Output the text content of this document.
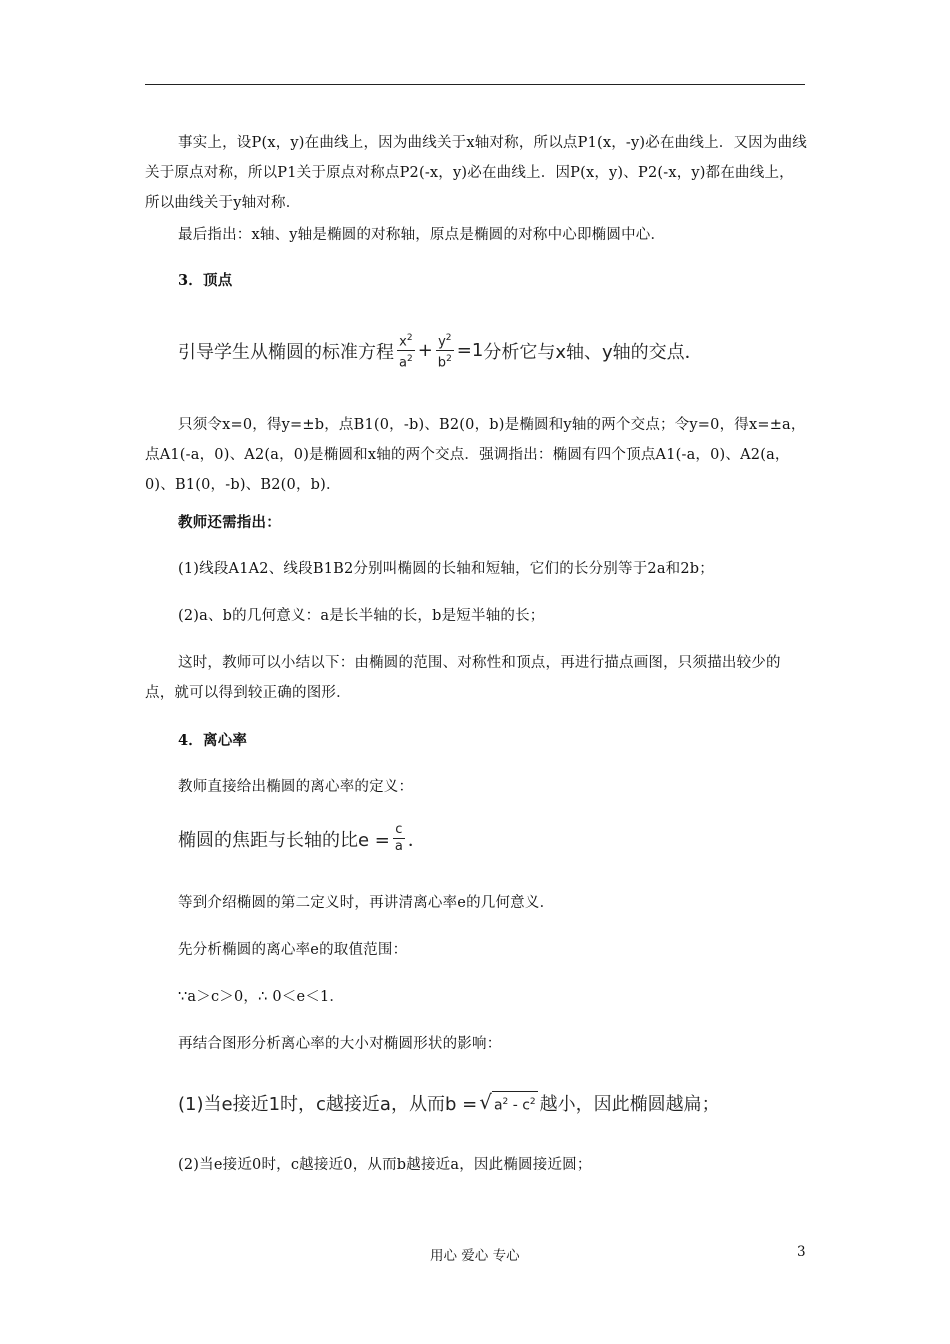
事实上，设P(x，y)在曲线上，因为曲线关于x轴对称，所以点P1(x，-y)必在曲线上．又因为曲线关于原点对称，所以P1关于原点对称点P2(-x，y)必在曲线上．因P(x，y)、P2(-x，y)都在曲线上，所以曲线关于y轴对称．
最后指出：x轴、y轴是椭圆的对称轴，原点是椭圆的对称中心即椭圆中心．
3．顶点
引导学生从椭圆的标准方程 $\frac{x^2}{a^2} + \frac{y^2}{b^2} =1$ 分析它与x轴、y轴的交点．
只须令x=0，得y=±b，点B1(0，-b)、B2(0，b)是椭圆和y轴的两个交点；令y=0，得x=±a，点A1(-a，0)、A2(a，0)是椭圆和x轴的两个交点．强调指出：椭圆有四个顶点A1(-a，0)、A2(a，0)、B1(0，-b)、B2(0，b)．
教师还需指出：
(1)线段A1A2、线段B1B2分别叫椭圆的长轴和短轴，它们的长分别等于2a和2b；
(2)a、b的几何意义：a是长半轴的长，b是短半轴的长；
这时，教师可以小结以下：由椭圆的范围、对称性和顶点，再进行描点画图，只须描出较少的点，就可以得到较正确的图形．
4．离心率
教师直接给出椭圆的离心率的定义：
椭圆的焦距与长轴的比$e = \frac{c}{a}$ ．
等到介绍椭圆的第二定义时，再讲清离心率e的几何意义．
先分析椭圆的离心率e的取值范围：
∵a＞c＞0，∴ 0＜e＜1．
再结合图形分析离心率的大小对椭圆形状的影响：
(1)当e接近1时，c越接近a，从而b = √ $a^2 - c^2$ 越小，因此椭圆越扁；
(2)当e接近0时，c越接近0，从而b越接近a，因此椭圆接近圆；
用心 爱心 专心	3
